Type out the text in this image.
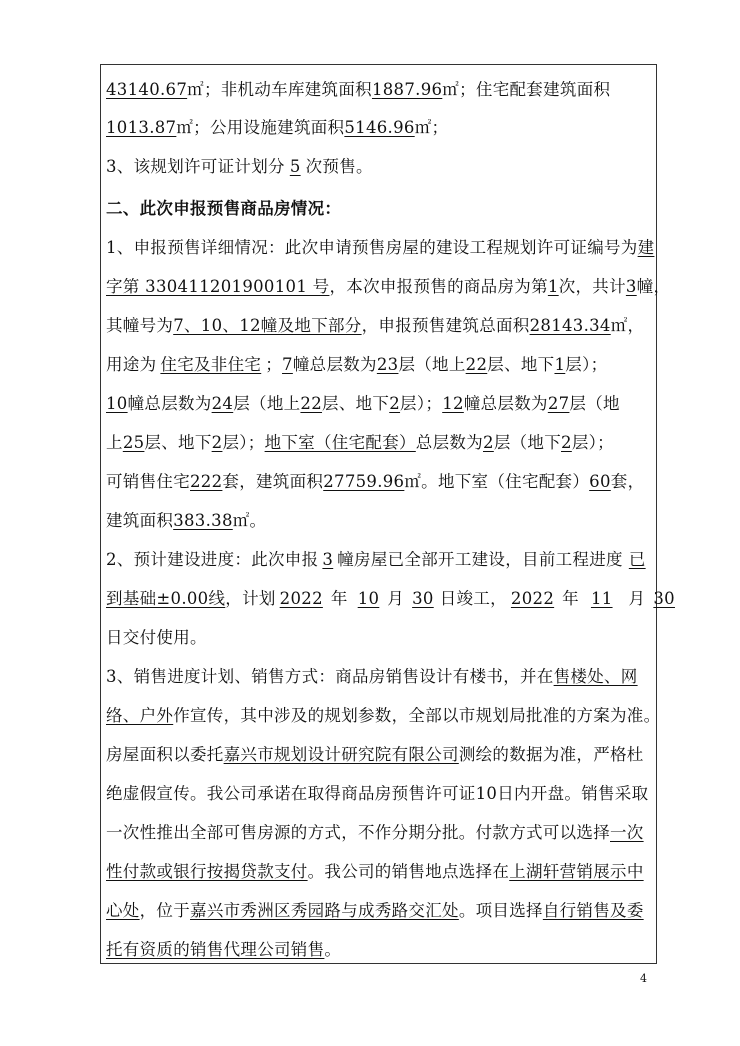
43140.67㎡；非机动车库建筑面积1887.96㎡；住宅配套建筑面积
1013.87㎡；公用设施建筑面积5146.96㎡；
3、该规划许可证计划分 5 次预售。
二、此次申报预售商品房情况：
1、申报预售详细情况：此次申请预售房屋的建设工程规划许可证编号为建
字第 330411201900101 号，本次申报预售的商品房为第1次，共计3幢，
其幢号为7、10、12幢及地下部分，申报预售建筑总面积28143.34㎡，
用途为 住宅及非住宅 ；7幢总层数为23层（地上22层、地下1层）；
10幢总层数为24层（地上22层、地下2层）；12幢总层数为27层（地
上25层、地下2层）；地下室（住宅配套）总层数为2层（地下2层）；
可销售住宅222套，建筑面积27759.96㎡。地下室（住宅配套）60套，
建筑面积383.38㎡。
2、预计建设进度：此次申报 3 幢房屋已全部开工建设，目前工程进度 已
到基础±0.00线，计划 2022 年 10 月 30 日竣工， 2022 年 11 月 30
日交付使用。
3、销售进度计划、销售方式：商品房销售设计有楼书，并在售楼处、网
络、户外作宣传，其中涉及的规划参数，全部以市规划局批准的方案为准。
房屋面积以委托嘉兴市规划设计研究院有限公司测绘的数据为准，严格杜
绝虚假宣传。我公司承诺在取得商品房预售许可证10日内开盘。销售采取
一次性推出全部可售房源的方式，不作分期分批。付款方式可以选择一次
性付款或银行按揭贷款支付。我公司的销售地点选择在上湖轩营销展示中
心处，位于嘉兴市秀洲区秀园路与成秀路交汇处。项目选择自行销售及委
托有资质的销售代理公司销售。
4
